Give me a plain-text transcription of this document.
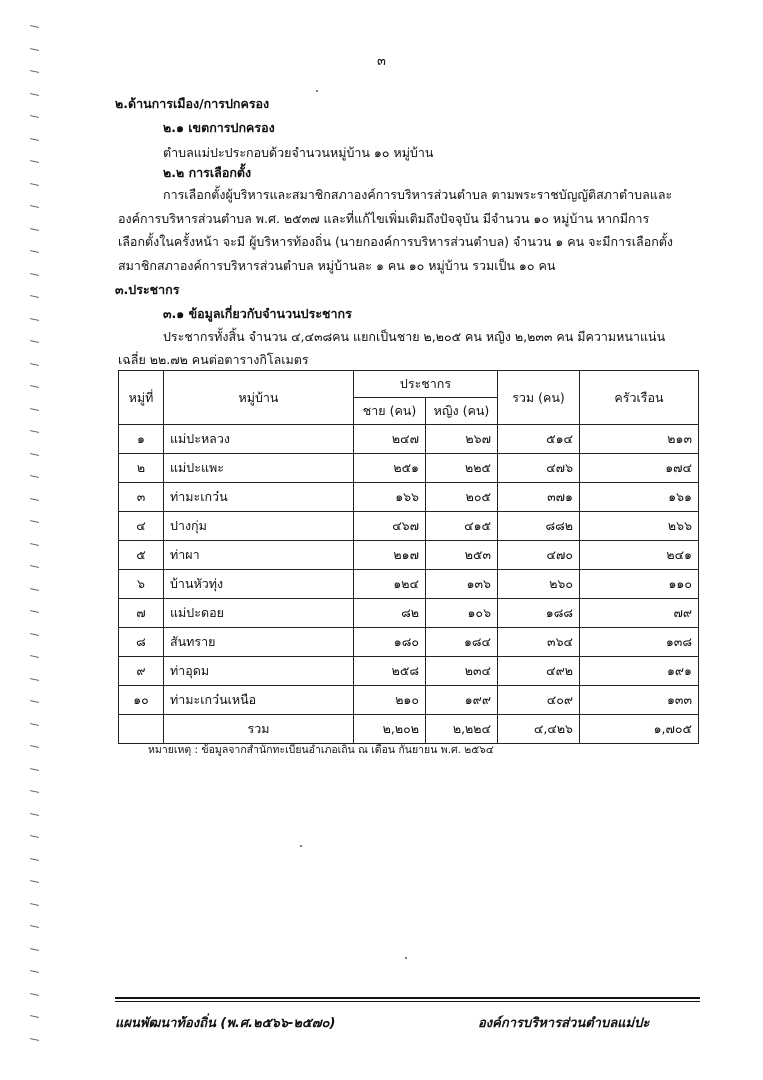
๓
๒.ด้านการเมือง/การปกครอง
๒.๑ เขตการปกครอง
ตำบลแม่ปะประกอบด้วยจำนวนหมู่บ้าน ๑๐ หมู่บ้าน
๒.๒ การเลือกตั้ง
การเลือกตั้งผู้บริหารและสมาชิกสภาองค์การบริหารส่วนตำบล ตามพระราชบัญญัติสภาตำบลและ
องค์การบริหารส่วนตำบล พ.ศ. ๒๕๓๗ และที่แก้ไขเพิ่มเติมถึงปัจจุบัน มีจำนวน ๑๐ หมู่บ้าน หากมีการ
เลือกตั้งในครั้งหน้า จะมี ผู้บริหารท้องถิ่น (นายกองค์การบริหารส่วนตำบล) จำนวน ๑ คน จะมีการเลือกตั้ง
สมาชิกสภาองค์การบริหารส่วนตำบล หมู่บ้านละ ๑ คน ๑๐ หมู่บ้าน รวมเป็น ๑๐ คน
๓.ประชากร
๓.๑ ข้อมูลเกี่ยวกับจำนวนประชากร
ประชากรทั้งสิ้น จำนวน ๔,๔๓๘คน แยกเป็นชาย ๒,๒๐๕ คน หญิง ๒,๒๓๓ คน มีความหนาแน่น
เฉลี่ย ๒๒.๗๒ คนต่อตารางกิโลเมตร
หมู่ที่	หมู่บ้าน	ประชากร		รวม (คน)	ครัวเรือน
		ชาย (คน)	หญิง (คน)		
๑	แม่ปะหลวง	๒๔๗	๒๖๗	๕๑๔	๒๑๓
๒	แม่ปะแพะ	๒๕๑	๒๒๕	๔๗๖	๑๗๔
๓	ท่ามะเกว๋น	๑๖๖	๒๐๕	๓๗๑	๑๖๑
๔	ปางกุ่ม	๔๖๗	๔๑๕	๘๘๒	๒๖๖
๕	ท่าผา	๒๑๗	๒๕๓	๔๗๐	๒๔๑
๖	บ้านหัวทุ่ง	๑๒๔	๑๓๖	๒๖๐	๑๑๐
๗	แม่ปะดอย	๘๒	๑๐๖	๑๘๘	๗๙
๘	สันทราย	๑๘๐	๑๘๔	๓๖๔	๑๓๘
๙	ท่าอุดม	๒๕๘	๒๓๔	๔๙๒	๑๙๑
๑๐	ท่ามะเกว๋นเหนือ	๒๑๐	๑๙๙	๔๐๙	๑๓๓
	รวม	๒,๒๐๒	๒,๒๒๔	๔,๔๒๖	๑,๗๐๕
หมายเหตุ : ข้อมูลจากสำนักทะเบียนอำเภอเถิน ณ เดือน กันยายน พ.ศ. ๒๕๖๔
แผนพัฒนาท้องถิ่น (พ.ศ.๒๕๖๖-๒๕๗๐)	องค์การบริหารส่วนตำบลแม่ปะ
